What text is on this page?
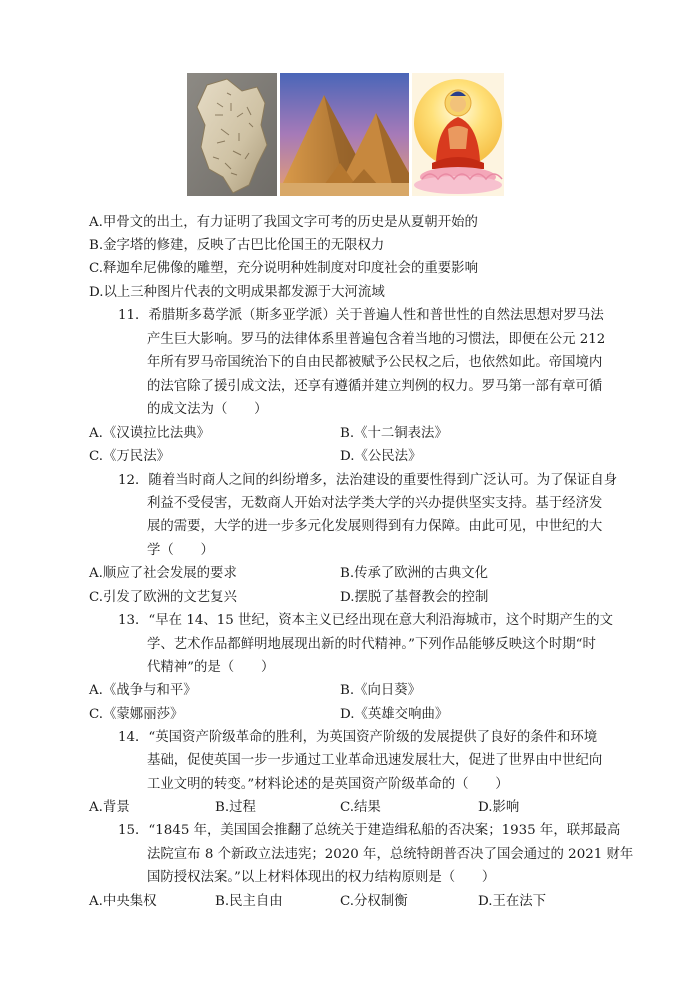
A.甲骨文的出土，有力证明了我国文字可考的历史是从夏朝开始的
B.金字塔的修建，反映了古巴比伦国王的无限权力
C.释迦牟尼佛像的雕塑，充分说明种姓制度对印度社会的重要影响
D.以上三种图片代表的文明成果都发源于大河流域
11．希腊斯多葛学派（斯多亚学派）关于普遍人性和普世性的自然法思想对罗马法
产生巨大影响。罗马的法律体系里普遍包含着当地的习惯法，即便在公元 212
年所有罗马帝国统治下的自由民都被赋予公民权之后，也依然如此。帝国境内
的法官除了援引成文法，还享有遵循并建立判例的权力。罗马第一部有章可循
的成文法为（　　）
A.《汉谟拉比法典》	B.《十二铜表法》
C.《万民法》	D.《公民法》
12．随着当时商人之间的纠纷增多，法治建设的重要性得到广泛认可。为了保证自身
利益不受侵害，无数商人开始对法学类大学的兴办提供坚实支持。基于经济发
展的需要，大学的进一步多元化发展则得到有力保障。由此可见，中世纪的大
学（　　）
A.顺应了社会发展的要求	B.传承了欧洲的古典文化
C.引发了欧洲的文艺复兴	D.摆脱了基督教会的控制
13．“早在 14、15 世纪，资本主义已经出现在意大利沿海城市，这个时期产生的文
学、艺术作品都鲜明地展现出新的时代精神。”下列作品能够反映这个时期“时
代精神”的是（　　）
A.《战争与和平》	B.《向日葵》
C.《蒙娜丽莎》	D.《英雄交响曲》
14．“英国资产阶级革命的胜利，为英国资产阶级的发展提供了良好的条件和环境
基础，促使英国一步一步通过工业革命迅速发展壮大，促进了世界由中世纪向
工业文明的转变。”材料论述的是英国资产阶级革命的（　　）
A.背景	B.过程	C.结果	D.影响
15．“1845 年，美国国会推翻了总统关于建造缉私船的否决案；1935 年，联邦最高
法院宣布 8 个新政立法违宪；2020 年，总统特朗普否决了国会通过的 2021 财年
国防授权法案。”以上材料体现出的权力结构原则是（　　）
A.中央集权	B.民主自由	C.分权制衡	D.王在法下
